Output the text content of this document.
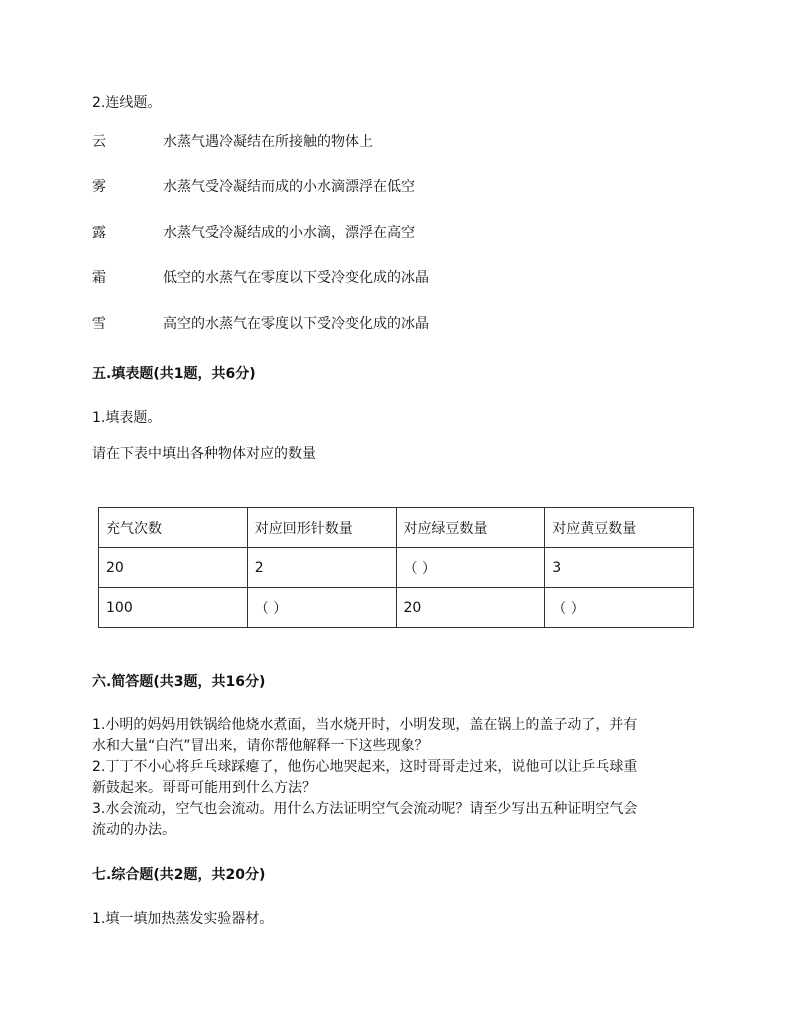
2.连线题。
云	水蒸气遇冷凝结在所接触的物体上
雾	水蒸气受冷凝结而成的小水滴漂浮在低空
露	水蒸气受冷凝结成的小水滴，漂浮在高空
霜	低空的水蒸气在零度以下受冷变化成的冰晶
雪	高空的水蒸气在零度以下受冷变化成的冰晶
五.填表题(共1题，共6分)
1.填表题。
请在下表中填出各种物体对应的数量
充气次数	对应回形针数量	对应绿豆数量	对应黄豆数量
20	2	（ ）	3
100	（ ）	20	（ ）
六.简答题(共3题，共16分)
1.小明的妈妈用铁锅给他烧水煮面，当水烧开时，小明发现，盖在锅上的盖子动了，并有
水和大量“白汽”冒出来，请你帮他解释一下这些现象？
2.丁丁不小心将乒乓球踩瘪了，他伤心地哭起来，这时哥哥走过来，说他可以让乒乓球重
新鼓起来。哥哥可能用到什么方法？
3.水会流动，空气也会流动。用什么方法证明空气会流动呢？请至少写出五种证明空气会
流动的办法。
七.综合题(共2题，共20分)
1.填一填加热蒸发实验器材。
